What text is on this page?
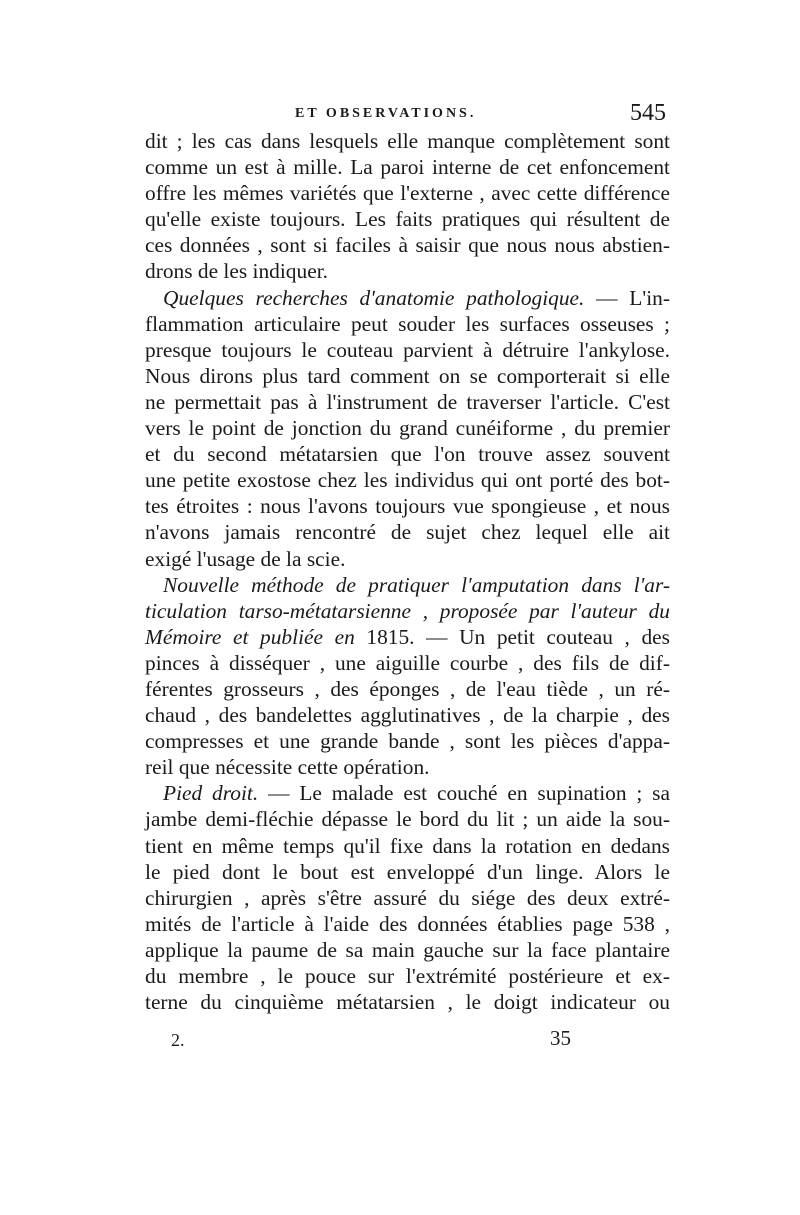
ET OBSERVATIONS.	545
dit ; les cas dans lesquels elle manque complètement sont
comme un est à mille. La paroi interne de cet enfoncement
offre les mêmes variétés que l'externe , avec cette différence
qu'elle existe toujours. Les faits pratiques qui résultent de
ces données , sont si faciles à saisir que nous nous abstien-
drons de les indiquer.
Quelques recherches d'anatomie pathologique. — L'in-
flammation articulaire peut souder les surfaces osseuses ;
presque toujours le couteau parvient à détruire l'ankylose.
Nous dirons plus tard comment on se comporterait si elle
ne permettait pas à l'instrument de traverser l'article. C'est
vers le point de jonction du grand cunéiforme , du premier
et du second métatarsien que l'on trouve assez souvent
une petite exostose chez les individus qui ont porté des bot-
tes étroites : nous l'avons toujours vue spongieuse , et nous
n'avons jamais rencontré de sujet chez lequel elle ait
exigé l'usage de la scie.
Nouvelle méthode de pratiquer l'amputation dans l'ar-
ticulation tarso-métatarsienne , proposée par l'auteur du
Mémoire et publiée en 1815. — Un petit couteau , des
pinces à disséquer , une aiguille courbe , des fils de dif-
férentes grosseurs , des éponges , de l'eau tiède , un ré-
chaud , des bandelettes agglutinatives , de la charpie , des
compresses et une grande bande , sont les pièces d'appa-
reil que nécessite cette opération.
Pied droit. — Le malade est couché en supination ; sa
jambe demi-fléchie dépasse le bord du lit ; un aide la sou-
tient en même temps qu'il fixe dans la rotation en dedans
le pied dont le bout est enveloppé d'un linge. Alors le
chirurgien , après s'être assuré du siége des deux extré-
mités de l'article à l'aide des données établies page 538 ,
applique la paume de sa main gauche sur la face plantaire
du membre , le pouce sur l'extrémité postérieure et ex-
terne du cinquième métatarsien , le doigt indicateur ou
2.	35
